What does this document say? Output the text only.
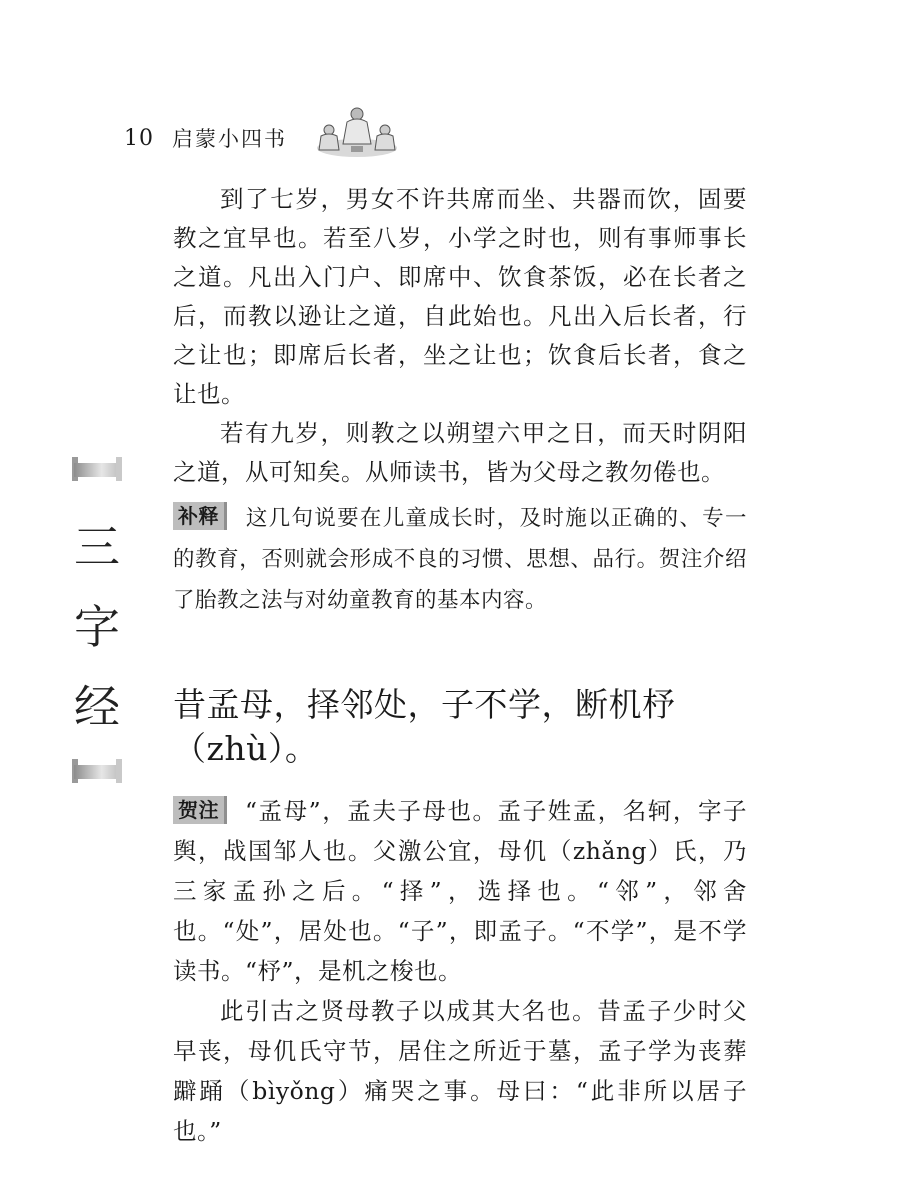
10 启蒙小四书
三
字
经

到了七岁，男女不许共席而坐、共器而饮，固要教之宜早也。若至八岁，小学之时也，则有事师事长之道。凡出入门户、即席中、饮食茶饭，必在长者之后，而教以逊让之道，自此始也。凡出入后长者，行之让也；即席后长者，坐之让也；饮食后长者，食之让也。

若有九岁，则教之以朔望六甲之日，而天时阴阳之道，从可知矣。从师读书，皆为父母之教勿倦也。

补释 这几句说要在儿童成长时，及时施以正确的、专一的教育，否则就会形成不良的习惯、思想、品行。贺注介绍了胎教之法与对幼童教育的基本内容。
昔孟母，择邻处，子不学，断机杼（zhù）。

贺注 “孟母”，孟夫子母也。孟子姓孟，名轲，字子舆，战国邹人也。父激公宜，母仉（zhǎng）氏，乃三家孟孙之后。“择”，选择也。“邻”，邻舍也。“处”，居处也。“子”，即孟子。“不学”，是不学读书。“杼”，是机之梭也。

此引古之贤母教子以成其大名也。昔孟子少时父早丧，母仉氏守节，居住之所近于墓，孟子学为丧葬躃踊（bìyǒng）痛哭之事。母曰：“此非所以居子也。”
